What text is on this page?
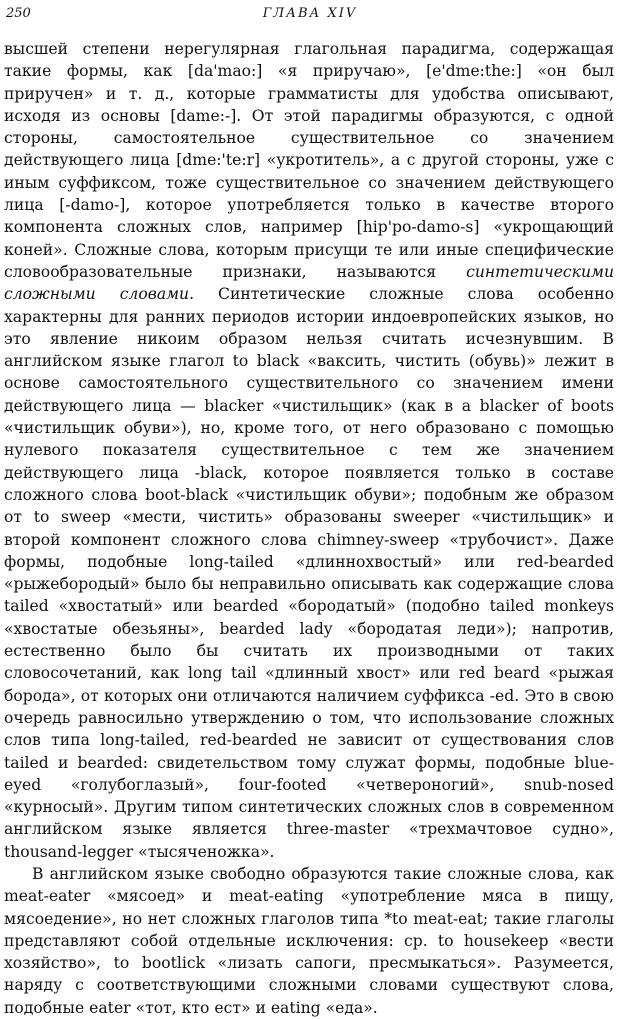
250	ГЛАВА XIV

высшей степени нерегулярная глагольная парадигма, содержащая такие формы, как [da'mao:] «я приручаю», [e'dme:the:] «он был приручен» и т. д., которые грамматисты для удобства описывают, исходя из основы [dame:-]. От этой парадигмы образуются, с одной стороны, самостоятельное существительное со значением действующего лица [dme:'te:r] «укротитель», а с другой стороны, уже с иным суффиксом, тоже существительное со значением действующего лица [-damo-], которое употребляется только в качестве второго компонента сложных слов, например [hip'po-damo-s] «укрощающий коней». Сложные слова, которым присущи те или иные специфические словообразовательные признаки, называются синтетическими сложными словами. Синтетические сложные слова особенно характерны для ранних периодов истории индоевропейских языков, но это явление никоим образом нельзя считать исчезнувшим. В английском языке глагол to black «ваксить, чистить (обувь)» лежит в основе самостоятельного существительного со значением имени действующего лица — blacker «чистильщик» (как в а blacker of boots «чистильщик обуви»), но, кроме того, от него образовано с помощью нулевого показателя существительное с тем же значением действующего лица -black, которое появляется только в составе сложного слова boot-black «чистильщик обуви»; подобным же образом от to sweep «мести, чистить» образованы sweeper «чистильщик» и второй компонент сложного слова chimney-sweep «трубочист». Даже формы, подобные long-tailed «длиннохвостый» или red-bearded «рыжебородый» было бы неправильно описывать как содержащие слова tailed «хвостатый» или bearded «бородатый» (подобно tailed monkeys «хвостатые обезьяны», bearded lady «бородатая леди»); напротив, естественно было бы считать их производными от таких словосочетаний, как long tail «длинный хвост» или red beard «рыжая борода», от которых они отличаются наличием суффикса -ed. Это в свою очередь равносильно утверждению о том, что использование сложных слов типа long-tailed, red-bearded не зависит от существования слов tailed и bearded: свидетельством тому служат формы, подобные blue-eyed «голубоглазый», four-footed «четвероногий», snub-nosed «курносый». Другим типом синтетических сложных слов в современном английском языке является three-master «трехмачтовое судно», thousand-legger «тысяченожка».

В английском языке свободно образуются такие сложные слова, как meat-eater «мясоед» и meat-eating «употребление мяса в пищу, мясоедение», но нет сложных глаголов типа *to meat-eat; такие глаголы представляют собой отдельные исключения: ср. to housekeep «вести хозяйство», to bootlick «лизать сапоги, пресмыкаться». Разумеется, наряду с соответствующими сложными словами существуют слова, подобные eater «тот, кто ест» и eating «еда».
